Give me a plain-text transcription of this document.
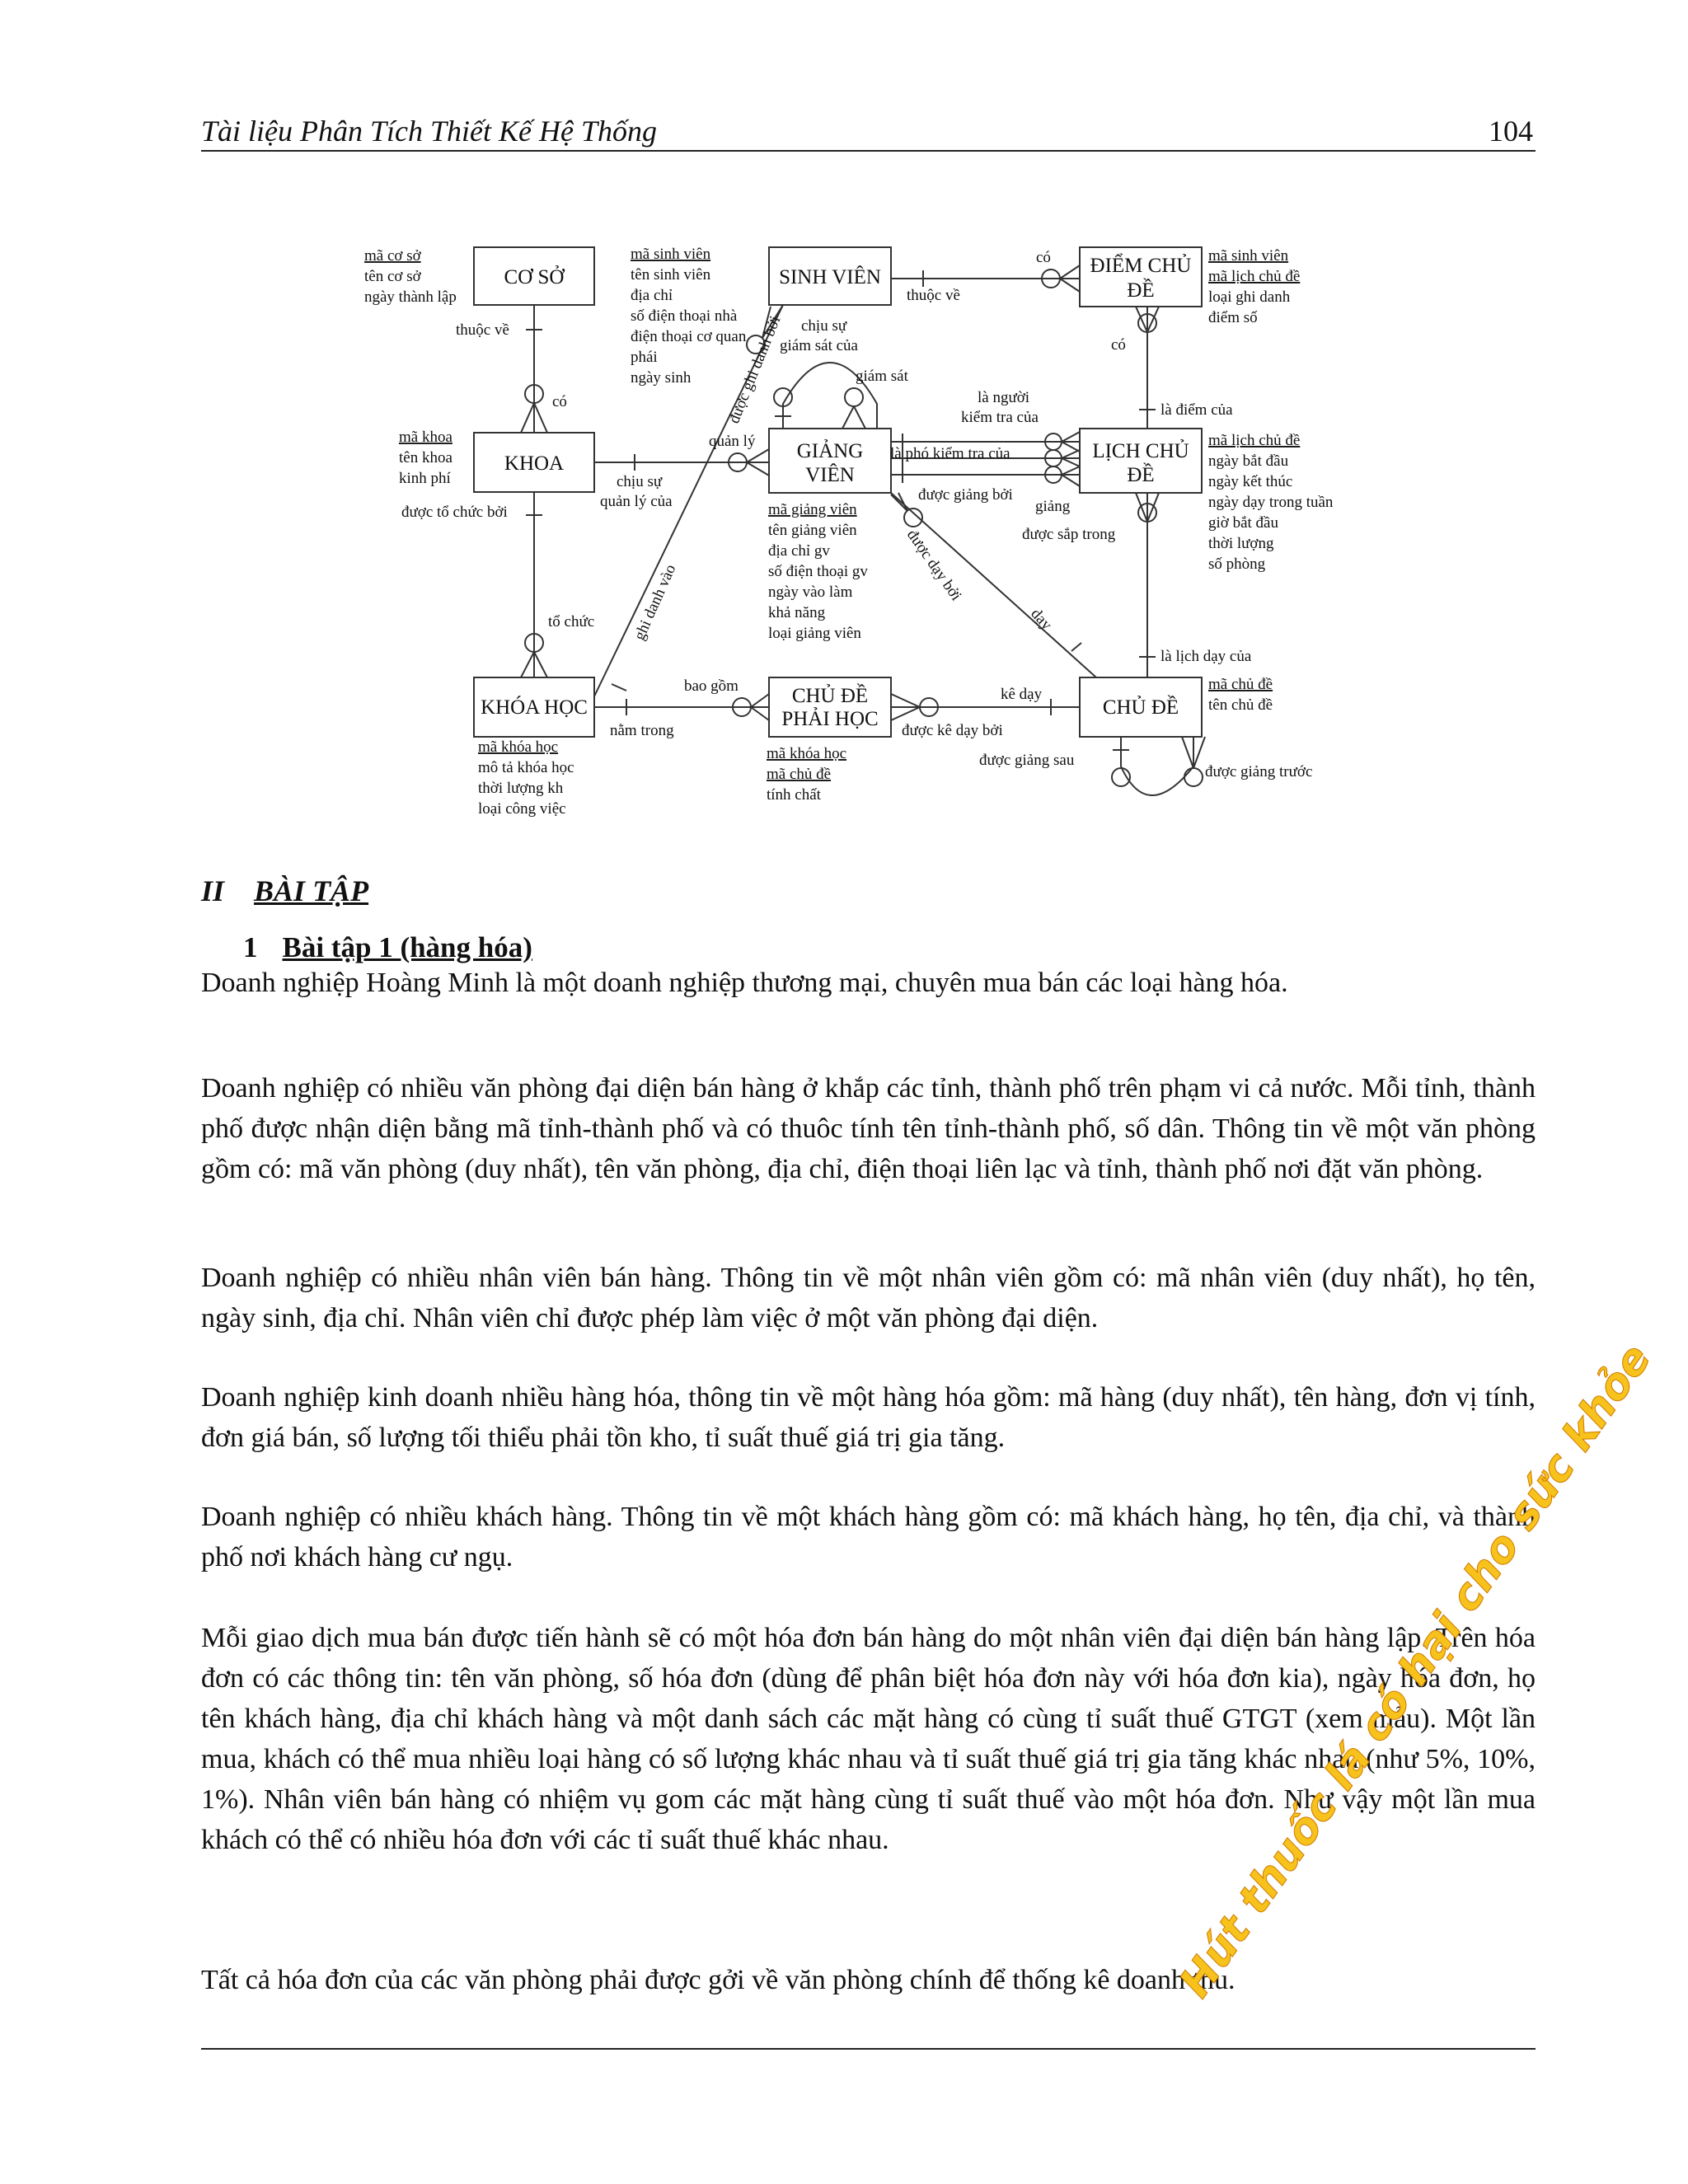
Tài liệu Phân Tích Thiết Kế Hệ Thống	104
CƠ SỞ	SINH VIÊN
ĐIỂM CHỦ
ĐỀ
KHOA
GIẢNG
VIÊN
LỊCH CHỦ
ĐỀ
KHÓA HỌC
CHỦ ĐỀ
PHẢI HỌC
CHỦ ĐỀ
mã cơ sở
tên cơ sở
ngày thành lập
mã sinh viên
tên sinh viên
địa chỉ
số điện thoại nhà
điện thoại cơ quan
phái
ngày sinh
mã sinh viên
mã lịch chủ đề
loại ghi danh
điểm số
mã khoa
tên khoa
kinh phí
mã giảng viên
tên giảng viên
địa chỉ gv
số điện thoại gv
ngày vào làm
khả năng
loại giảng viên
mã lịch chủ đề
ngày bắt đầu
ngày kết thúc
ngày dạy trong tuần
giờ bắt đầu
thời lượng
số phòng
mã khóa học
mô tả khóa học
thời lượng kh
loại công việc
mã khóa học
mã chủ đề
tính chất
mã chủ đề
tên chủ đề
thuộc về
có
được tổ chức bởi
tổ chức
chịu sự
quản lý của
quản lý
được ghi danh bởi
ghi danh vào
chịu sự
giám sát của
giám sát
thuộc về
có
có
là điểm của
là người
kiểm tra của
là phó kiểm tra của
được giảng bởi
giảng
được sắp trong
được dạy bởi
dạy
là lịch dạy của
bao gồm
nằm trong
kê dạy
được kê dạy bởi
được giảng sau
được giảng trước
II BÀI TẬP
1 Bài tập 1 (hàng hóa)

Doanh nghiệp Hoàng Minh là một doanh nghiệp thương mại, chuyên mua bán các loại hàng hóa.

Doanh nghiệp có nhiều văn phòng đại diện bán hàng ở khắp các tỉnh, thành phố trên phạm vi cả nước. Mỗi tỉnh, thành phố được nhận diện bằng mã tỉnh-thành phố và có thuôc tính tên tỉnh-thành phố, số dân. Thông tin về một văn phòng gồm có: mã văn phòng (duy nhất), tên văn phòng, địa chỉ, điện thoại liên lạc và tỉnh, thành phố nơi đặt văn phòng.

Doanh nghiệp có nhiều nhân viên bán hàng. Thông tin về một nhân viên gồm có: mã nhân viên (duy nhất), họ tên, ngày sinh, địa chỉ. Nhân viên chỉ được phép làm việc ở một văn phòng đại diện.

Doanh nghiệp kinh doanh nhiều hàng hóa, thông tin về một hàng hóa gồm: mã hàng (duy nhất), tên hàng, đơn vị tính, đơn giá bán, số lượng tối thiểu phải tồn kho, tỉ suất thuế giá trị gia tăng.

Doanh nghiệp có nhiều khách hàng. Thông tin về một khách hàng gồm có: mã khách hàng, họ tên, địa chỉ, và thành phố nơi khách hàng cư ngụ.

Mỗi giao dịch mua bán được tiến hành sẽ có một hóa đơn bán hàng do một nhân viên đại diện bán hàng lập. Trên hóa đơn có các thông tin: tên văn phòng, số hóa đơn (dùng để phân biệt hóa đơn này với hóa đơn kia), ngày hóa đơn, họ tên khách hàng, địa chỉ khách hàng và một danh sách các mặt hàng có cùng tỉ suất thuế GTGT (xem mẫu). Một lần mua, khách có thể mua nhiều loại hàng có số lượng khác nhau và tỉ suất thuế giá trị gia tăng khác nhau (như 5%, 10%, 1%). Nhân viên bán hàng có nhiệm vụ gom các mặt hàng cùng tỉ suất thuế vào một hóa đơn. Như vậy một lần mua khách có thể có nhiều hóa đơn với các tỉ suất thuế khác nhau.

Tất cả hóa đơn của các văn phòng phải được gởi về văn phòng chính để thống kê doanh thu.

Hút thuốc lá có hại cho sức khỏe
